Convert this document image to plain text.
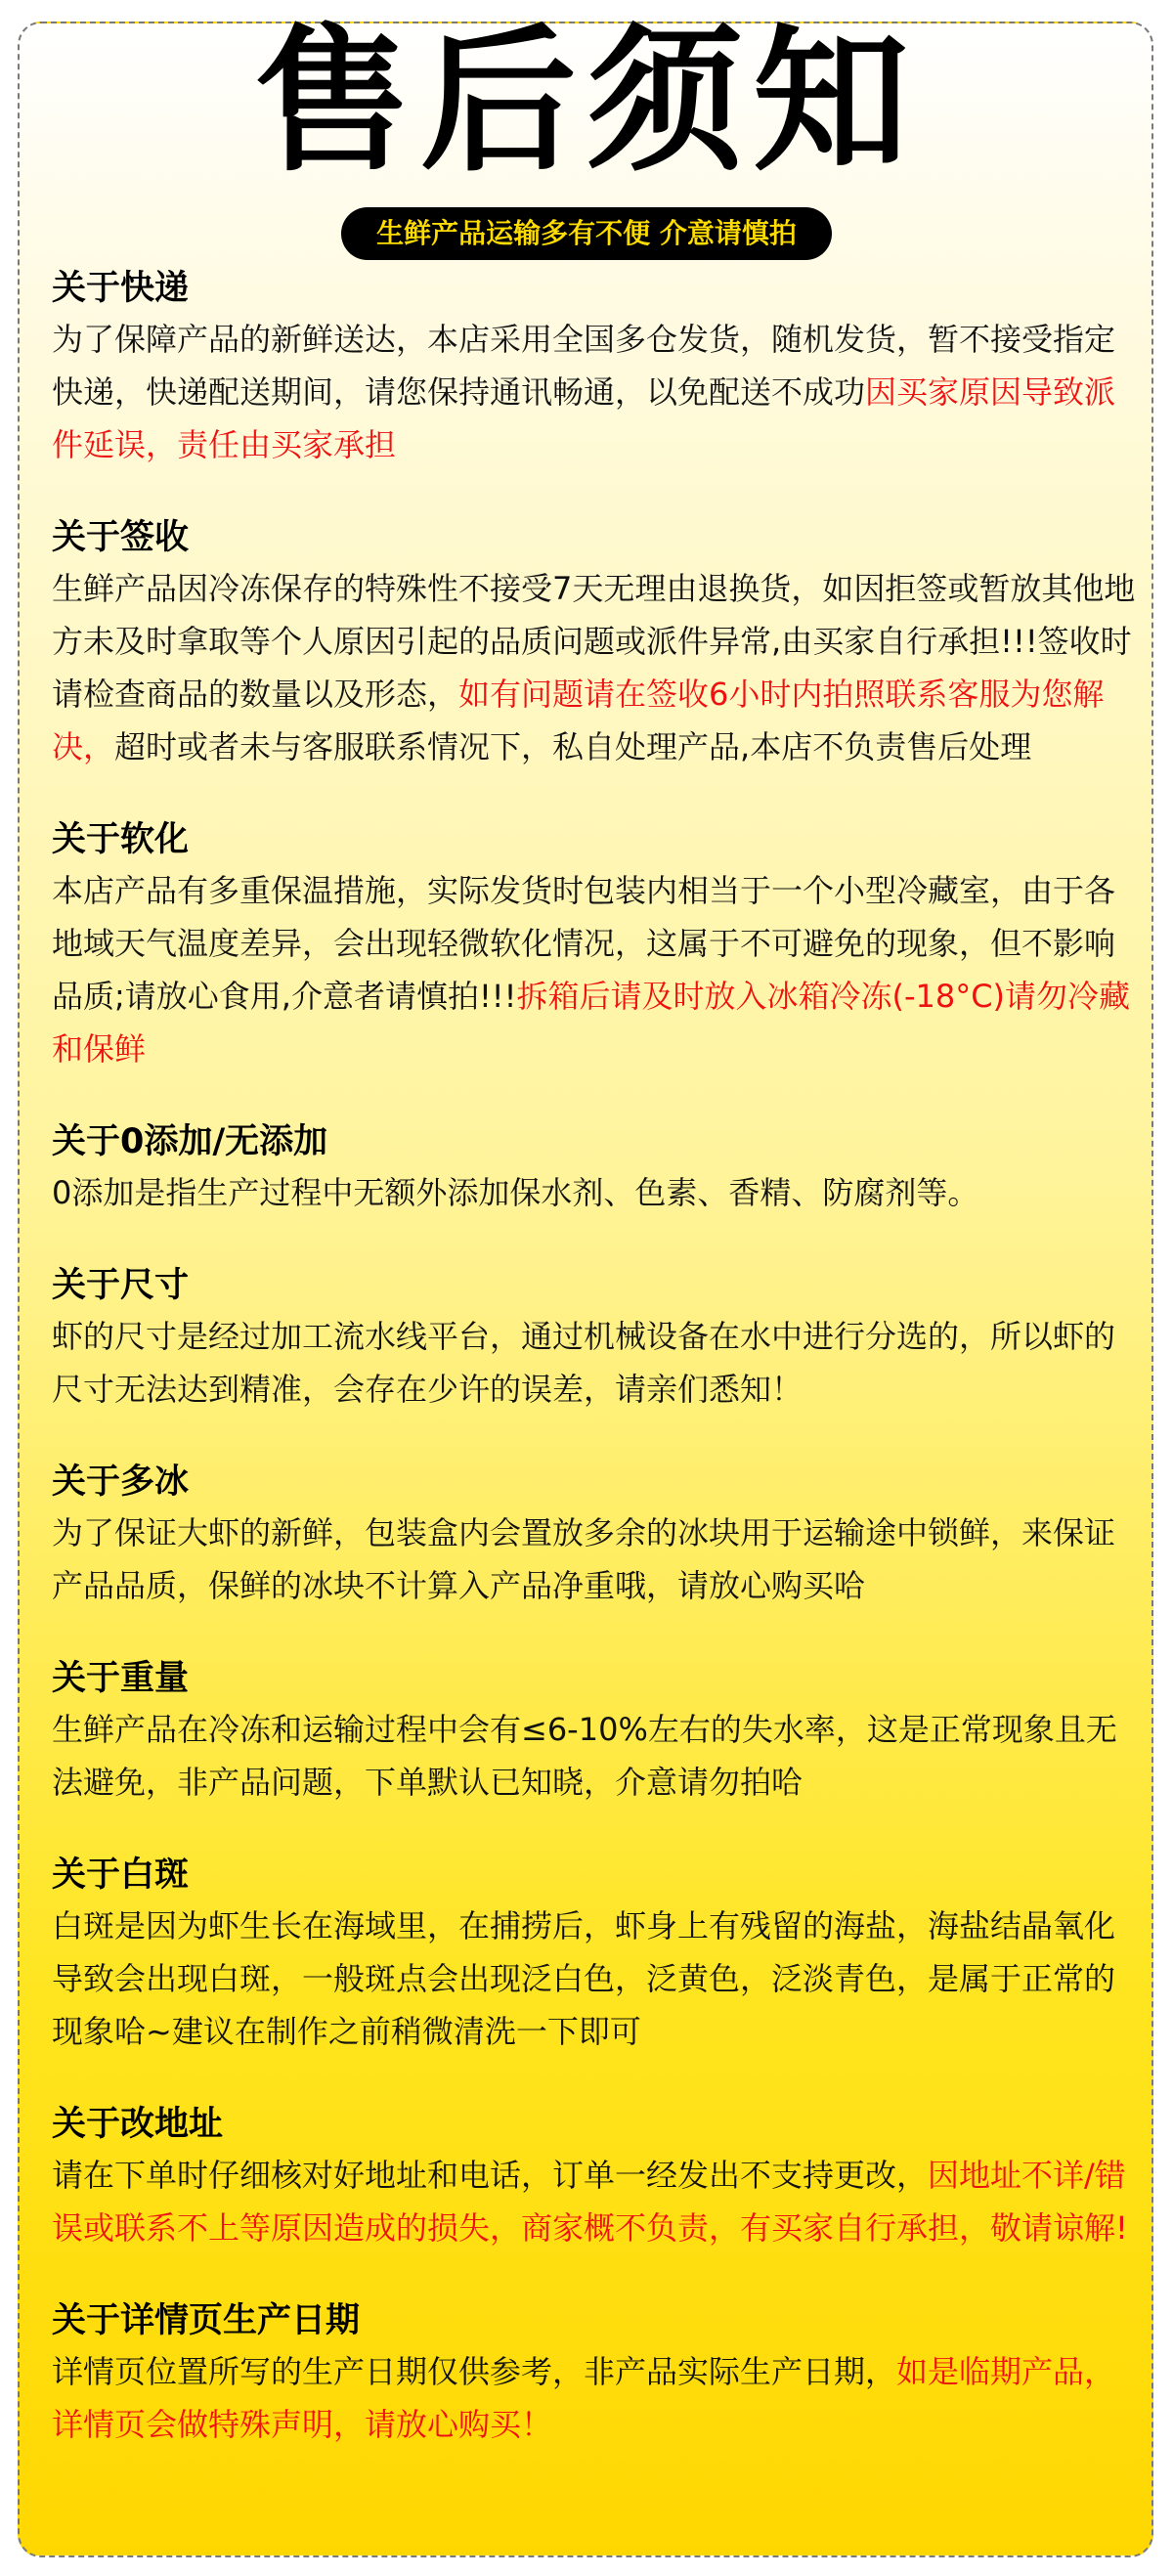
售后须知
生鲜产品运输多有不便 介意请慎拍

关于快递

为了保障产品的新鲜送达，本店采用全国多仓发货，随机发货，暂不接受指定快递，快递配送期间，请您保持通讯畅通，以免配送不成功因买家原因导致派件延误，责任由买家承担

关于签收

生鲜产品因冷冻保存的特殊性不接受7天无理由退换货，如因拒签或暂放其他地方未及时拿取等个人原因引起的品质问题或派件异常,由买家自行承担!!!签收时请检查商品的数量以及形态，如有问题请在签收6小时内拍照联系客服为您解决，超时或者未与客服联系情况下，私自处理产品,本店不负责售后处理

关于软化

本店产品有多重保温措施，实际发货时包装内相当于一个小型冷藏室，由于各地域天气温度差异，会出现轻微软化情况，这属于不可避免的现象，但不影响品质;请放心食用,介意者请慎拍!!!拆箱后请及时放入冰箱冷冻(-18°C)请勿冷藏和保鲜

关于0添加/无添加

0添加是指生产过程中无额外添加保水剂、色素、香精、防腐剂等。

关于尺寸

虾的尺寸是经过加工流水线平台，通过机械设备在水中进行分选的，所以虾的尺寸无法达到精准，会存在少许的误差，请亲们悉知！

关于多冰

为了保证大虾的新鲜，包装盒内会置放多余的冰块用于运输途中锁鲜，来保证产品品质，保鲜的冰块不计算入产品净重哦，请放心购买哈

关于重量

生鲜产品在冷冻和运输过程中会有≤6-10%左右的失水率，这是正常现象且无法避免，非产品问题，下单默认已知晓，介意请勿拍哈

关于白斑

白斑是因为虾生长在海域里，在捕捞后，虾身上有残留的海盐，海盐结晶氧化导致会出现白斑，一般斑点会出现泛白色，泛黄色，泛淡青色，是属于正常的现象哈~建议在制作之前稍微清洗一下即可

关于改地址

请在下单时仔细核对好地址和电话，订单一经发出不支持更改，因地址不详/错误或联系不上等原因造成的损失，商家概不负责，有买家自行承担，敬请谅解!

关于详情页生产日期

详情页位置所写的生产日期仅供参考，非产品实际生产日期，如是临期产品，详情页会做特殊声明，请放心购买！
